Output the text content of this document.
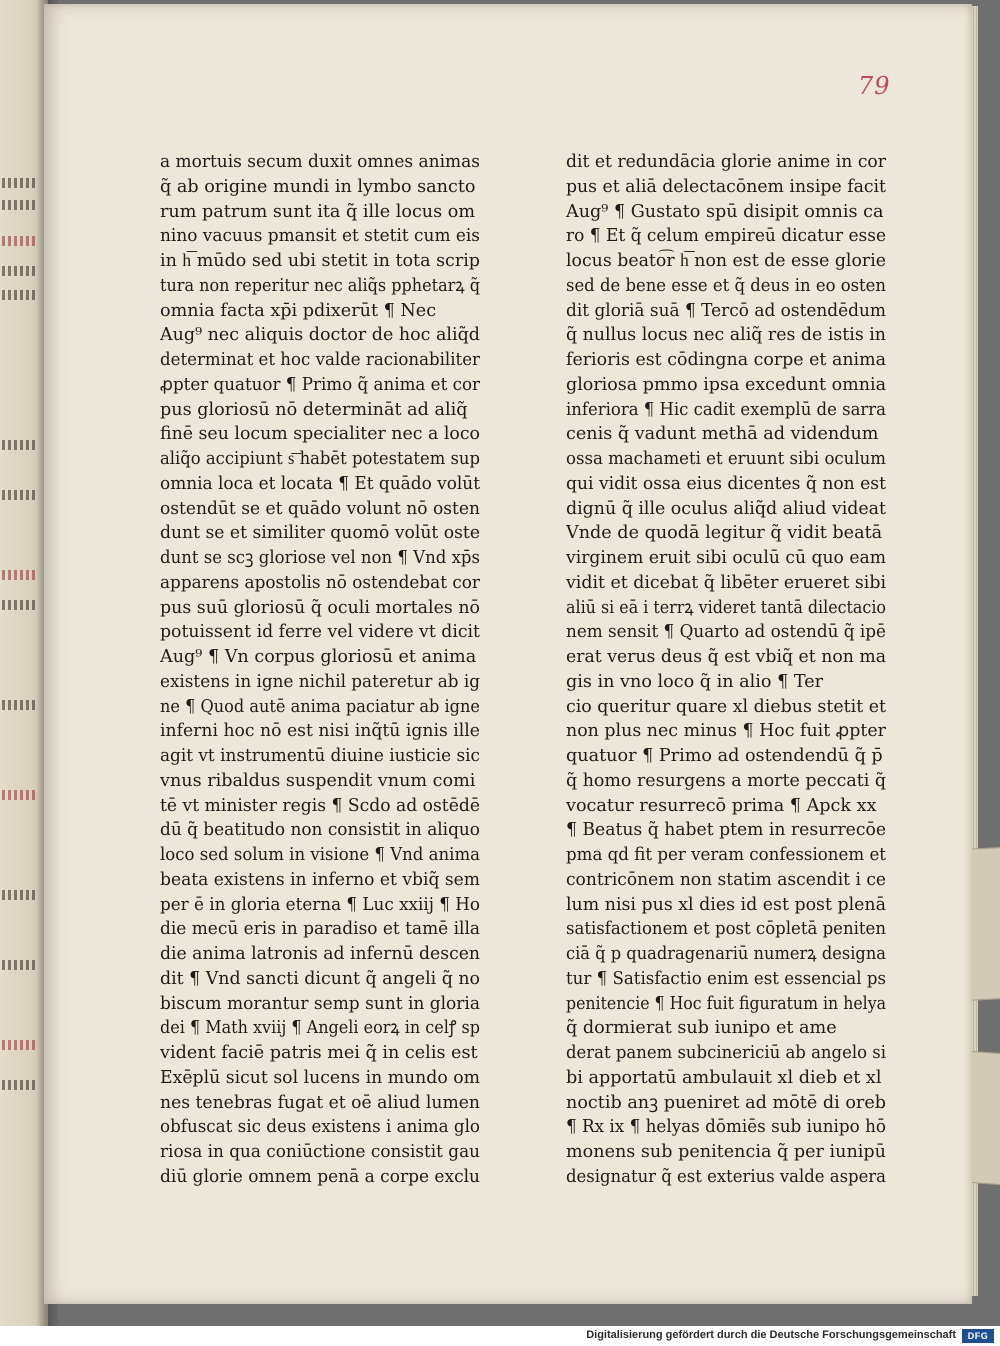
79
a mortuis secum duxit omnes animas
q̃ ab origine mundi in lymbo sancto
rum patrum sunt ita q̃ ille locus om
nino vacuus pmansit et stetit cum eis
in h͞ mūdo sed ubi stetit in tota scrip
tura non reperitur nec aliq̃s pphetarꝝ q̃
omnia facta xp̄i pdixerūt ¶ Nec
Aug⁹ nec aliquis doctor de hoc aliq̃d
determinat et hoc valde racionabiliter
ꝓpter quatuor ¶ Primo q̃ anima et cor
pus gloriosū nō determināt ad aliq̃
finē seu locum specialiter nec a loco
aliq̃o accipiunt s͞ habēt potestatem sup
omnia loca et locata ¶ Et quādo volūt
ostendūt se et quādo volunt nō osten
dunt se et similiter quomō volūt oste
dunt se scꝫ gloriose vel non ¶ Vnd xp̄s
apparens apostolis nō ostendebat cor
pus suū gloriosū q̃ oculi mortales nō
potuissent id ferre vel videre vt dicit
Aug⁹ ¶ Vn corpus gloriosū et anima
existens in igne nichil pateretur ab ig
ne ¶ Quod autē anima paciatur ab igne
inferni hoc nō est nisi inq̃tū ignis ille
agit vt instrumentū diuine iusticie sic
vnus ribaldus suspendit vnum comi
tē vt minister regis ¶ Scdo ad ostēdē
dū q̃ beatitudo non consistit in aliquo
loco sed solum in visione ¶ Vnd anima
beata existens in inferno et vbiq̃ sem
per ē in gloria eterna ¶ Luc xxiij ¶ Ho
die mecū eris in paradiso et tamē illa
die anima latronis ad infernū descen
dit ¶ Vnd sancti dicunt q̃ angeli q̃ no
biscum morantur semp sunt in gloria
dei ¶ Math xviij ¶ Angeli eorꝝ in celꝭ sp
vident faciē patris mei q̃ in celis est
Exēplū sicut sol lucens in mundo om
nes tenebras fugat et oē aliud lumen
obfuscat sic deus existens i anima glo
riosa in qua coniūctione consistit gau
diū glorie omnem penā a corpe exclu
dit et redundācia glorie anime in cor
pus et aliā delectacōnem insipe facit
Aug⁹ ¶ Gustato spū disipit omnis ca
ro ¶ Et q̃ celum empireū dicatur esse
locus beato͡r h͞ non est de esse glorie
sed de bene esse et q̃ deus in eo osten
dit gloriā suā ¶ Tercō ad ostendēdum
q̃ nullus locus nec aliq̃ res de istis in
ferioris est cōdingna corpe et anima
gloriosa pmmo ipsa excedunt omnia
inferiora ¶ Hic cadit exemplū de sarra
cenis q̃ vadunt methā ad videndum
ossa machameti et eruunt sibi oculum
qui vidit ossa eius dicentes q̃ non est
dignū q̃ ille oculus aliq̃d aliud videat
Vnde de quodā legitur q̃ vidit beatā
virginem eruit sibi oculū cū quo eam
vidit et dicebat q̃ libēter erueret sibi
aliū si eā i terrꝝ videret tantā dilectacio
nem sensit ¶ Quarto ad ostendū q̃ ipē
erat verus deus q̃ est vbiq̃ et non ma
gis in vno loco q̃ in alio ¶ Ter
cio queritur quare xl diebus stetit et
non plus nec minus ¶ Hoc fuit ꝓpter
quatuor ¶ Primo ad ostendendū q̃ p̄
q̃ homo resurgens a morte peccati q̃
vocatur resurrecō prima ¶ Apck xx
¶ Beatus q̃ habet ptem in resurrecōe
pma qd fit per veram confessionem et
contricōnem non statim ascendit i ce
lum nisi pus xl dies id est post plenā
satisfactionem et post cōpletā peniten
ciā q̃ p quadragenariū numerꝝ designa
tur ¶ Satisfactio enim est essencial ps
penitencie ¶ Hoc fuit figuratum in helya
q̃ dormierat sub iunipo et ame
derat panem subcinericiū ab angelo si
bi apportatū ambulauit xl dieb et xl
noctib anꝫ pueniret ad mōtē di oreb
¶ Rx ix ¶ helyas dōmiēs sub iunipo hō
monens sub penitencia q̃ per iunipū
designatur q̃ est exterius valde aspera
Digitalisierung gefördert durch die Deutsche Forschungsgemeinschaft	DFG
